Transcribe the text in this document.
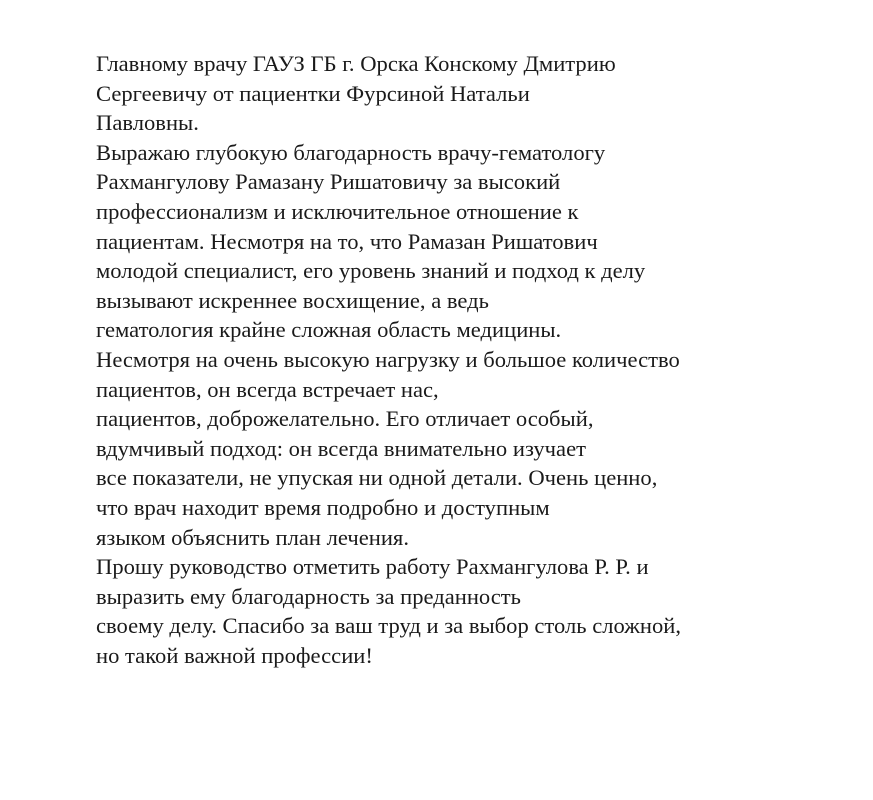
Главному врачу ГАУЗ ГБ г. Орска Конскому Дмитрию
Сергеевичу от пациентки Фурсиной Натальи
Павловны.
Выражаю глубокую благодарность врачу-гематологу
Рахмангулову Рамазану Ришатовичу за высокий
профессионализм и исключительное отношение к
пациентам. Несмотря на то, что Рамазан Ришатович
молодой специалист, его уровень знаний и подход к делу
вызывают искреннее восхищение, а ведь
гематология крайне сложная область медицины.
Несмотря на очень высокую нагрузку и большое количество
пациентов, он всегда встречает нас,
пациентов, доброжелательно. Его отличает особый,
вдумчивый подход: он всегда внимательно изучает
все показатели, не упуская ни одной детали. Очень ценно,
что врач находит время подробно и доступным
языком объяснить план лечения.
Прошу руководство отметить работу Рахмангулова Р. Р. и
выразить ему благодарность за преданность
своему делу. Спасибо за ваш труд и за выбор столь сложной,
но такой важной профессии!
